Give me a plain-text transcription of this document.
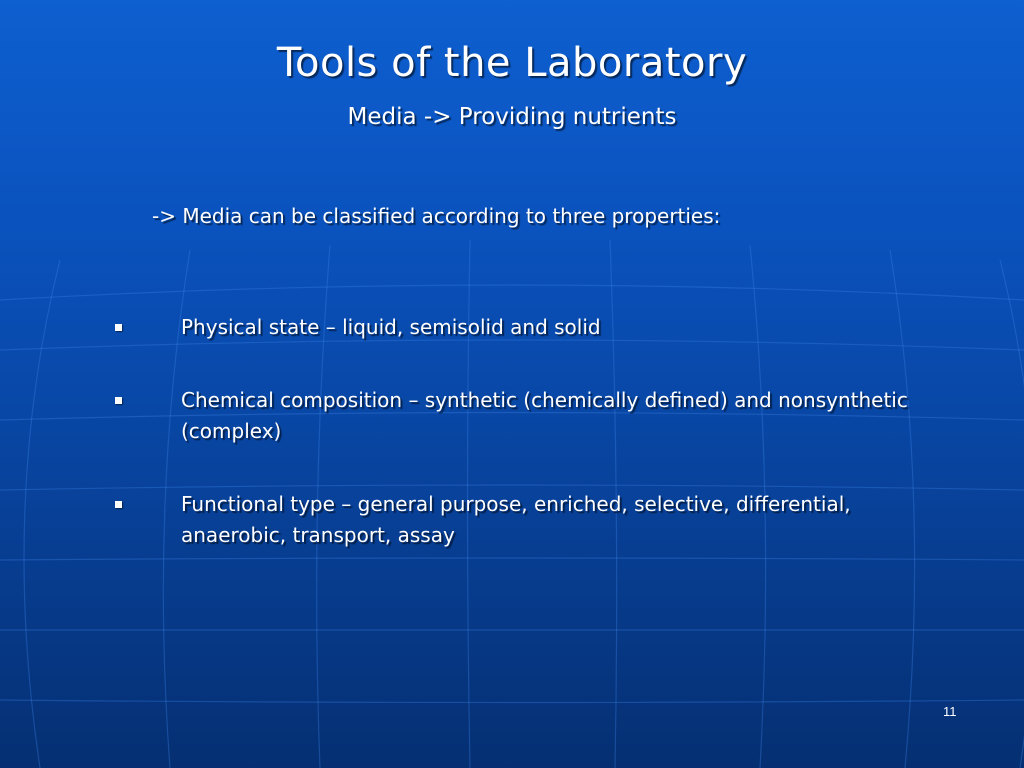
Tools of the Laboratory
Media -> Providing nutrients
-> Media can be classified according to three properties:
Physical state – liquid, semisolid and solid
Chemical composition – synthetic (chemically defined) and nonsynthetic (complex)
Functional type – general purpose, enriched, selective, differential, anaerobic, transport, assay
11
